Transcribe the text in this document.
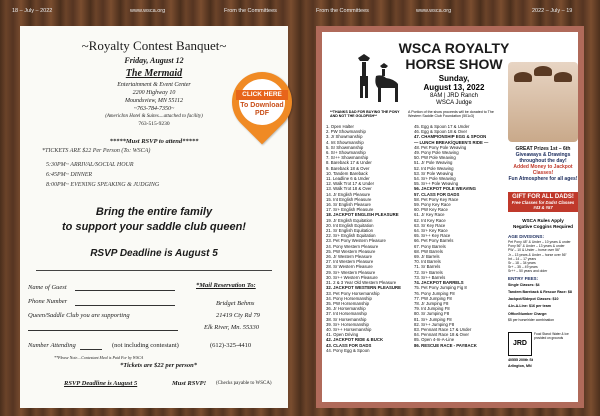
18 – July – 2022	www.wsca.org	From the Committees	From the Committees	www.wsca.org	2022 – July – 19
~Royalty Contest Banquet~
Friday, August 12
The Mermaid
Entertainment & Event Center
2200 Highway 10
Moundsview, MN 55112
~763-784-7350~
(AmericInn Hotel & Suites....attached to facility)
763-515-9230
CLICK HERE
To Download PDF
*****Must RSVP to attend*****
*TICKETS ARE $22 Per Person (To: WSCA)
5:30PM~ ARRIVAL/SOCIAL HOUR
6:45PM~ DINNER
8:00PM~ EVENING SPEAKING & JUDGING
Bring the entire family
to support your saddle club queen!
RSVP Deadline is August 5
Name of Guest	*Mail Reservation To:
Phone Number	Bridget Behms
Queen/Saddle Club you are supporting	21419 Cty Rd 79
Elk River, Mn. 55330
Number Attending	(not including contestant)	(612)-325-4410
**Please Note....Contestant Meal is Paid For by WSCA
*Tickets are $22 per person*
RSVP Deadline is August 5	Must RSVP!	(Checks payable to WSCA)
WSCA ROYALTY
HORSE SHOW
Sunday,
August 13, 2022
8AM | JRD Ranch
WSCA Judge
**THANKS DAD FOR BUYING THE PONY AND NOT THE GOLDFISH**
A Portion of the show proceeds will be donated to The Western Saddle Club Foundation (501c3)
1. Open Halter
2. PW Showmanship
3. Jr Showmanship
4. Int Showmanship
5. Sr Showmanship
6. Sr+ Showmanship
7. Sr++ Showmanship
8. Bareback 17 & Under
9. Bareback 18 & Over
10. Tandem Bareback
11. Leadline 6 & Under
12. Walk Trot 17 & Under
13. Walk Trot 18 & Over
14. Jr English Pleasure
15. Int English Pleasure
16. Sr English Pleasure
17. Sr+ English Pleasure
18. JACKPOT ENGLISH PLEASURE
19. Jr English Equitation
20. Int English Equitation
21. Sr English Equitation
22. Sr+ English Equitation
23. Pet Pony Western Pleasure
24. Pony Western Pleasure
25. PW Western Pleasure
26. Jr Western Pleasure
27. Int Western Pleasure
28. Sr Western Pleasure
29. Sr+ Western Pleasure
30. Sr++ Western Pleasure
31. 2 & 3 Year Old Western Pleasure
32. JACKPOT WESTERN PLEASURE
33. Pet Pony Horsemanship
34. Pony Horsemanship
35. PW Horsemanship
36. Jr Horsemanship
37. Int Horsemanship
38. Sr Horsemanship
39. Sr+ Horsemanship
40. Sr++ Horsemanship
41. Open Driving
42. JACKPOT RIDE & BUCK
43. CLASS FOR DADS
44. Pony Egg & Spoon
45. Egg & Spoon 17 & Under
46. Egg & Spoon 18 & Over
47. CHAMPIONSHIP EGG & SPOON
— LUNCH BREAK/QUEEN'S RIDE —
48. Pet Pony Pole Weaving
49. Pony Pole Weaving
50. PW Pole Weaving
51. Jr Pole Weaving
52. Int Pole Weaving
53. Sr Pole Weaving
54. Sr+ Pole Weaving
55. Sr++ Pole Weaving
56. JACKPOT POLE WEAVING
57. CLASS FOR DADS
58. Pet Pony Key Race
59. Pony Key Race
60. PW Key Race
61. Jr Key Race
62. Int Key Race
63. Sr Key Race
64. Sr+ Key Race
65. Sr++ Key Race
66. Pet Pony Barrels
67. Pony Barrels
68. PW Barrels
69. Jr Barrels
70. Int Barrels
71. Sr Barrels
72. Sr+ Barrels
73. Sr++ Barrels
74. JACKPOT BARRELS
75. Pet Pony Jumping Fig 8
76. Pony Jumping F8
77. PW Jumping F8
78. Jr Jumping F8
79. Int Jumping F8
80. Sr Jumping F8
81. Sr+ Jumping F8
82. Sr++ Jumping F8
83. Pennant Race 17 & Under
84. Pennant Race 18 & Over
85. Open 4-In-A-Line
86. RESCUE RACE - PAYBACK
GREAT Prizes 1st – 6th
Giveaways & Drawings throughout the day!
Added Money to Jackpot Classes!
Fun Atmosphere for all ages!
GIFT FOR ALL DADS!
Free Classes for Dads! Classes #43 & #57
WSCA Rules Apply
Negative Coggins Required
AGE DIVISIONS:
Pet Pony 48" & Under – 10 years & under
Pony 56" & Under – 13 years & under
PW – 10 & Under – horse over 56"
Jr – 13 years & Under – horse over 56"
Int – 14 – 17 years
Sr – 18 – 34 years
Sr+ – 35 – 49 years
Sr++ – 50 years and older
ENTRY FEES:
Single Classes: $4
Tandem Bareback & Rescue Race: $8
Jackpot/Sidepot Classes: $10
4-In-A-Line: $16 per team
Office/Number Charge:
$5 per horse/rider combination
JRD
Food Stand: Water & Ice provided on grounds
40555 200th St
Arlington, MN
